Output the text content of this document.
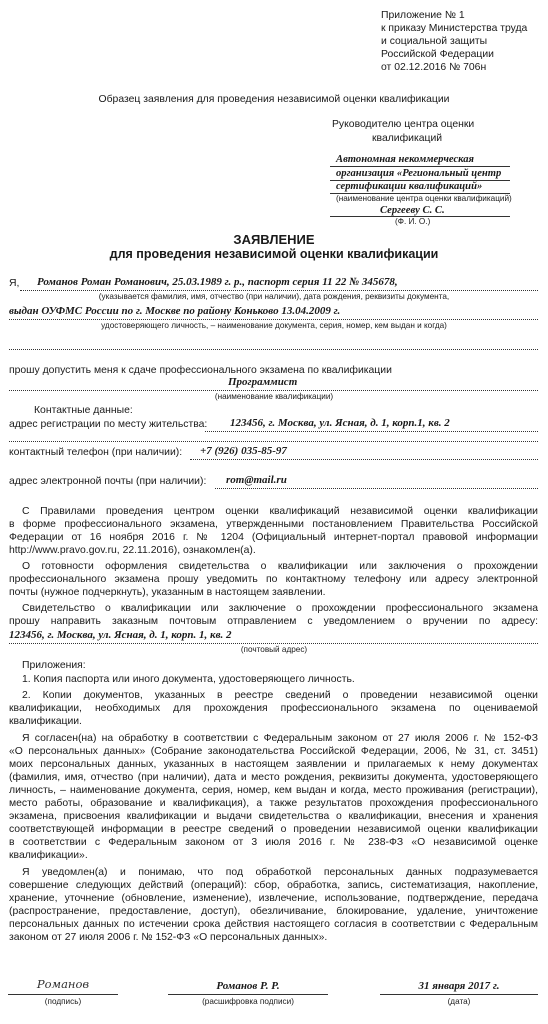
Приложение № 1
к приказу Министерства труда
и социальной защиты
Российской Федерации
от 02.12.2016 № 706н
Образец заявления для проведения независимой оценки квалификации
Руководителю центра оценки
квалификаций
Автономная некоммерческая
организация «Региональный центр
сертификации квалификаций»
(наименование центра оценки квалификаций)
Сергееву С. С.
(Ф. И. О.)
ЗАЯВЛЕНИЕ
для проведения независимой оценки квалификации
Я, Романов Роман Романович, 25.03.1989 г. р., паспорт серия 11 22 № 345678,
(указывается фамилия, имя, отчество (при наличии), дата рождения, реквизиты документа,
выдан ОУФМС России по г. Москве по району Коньково 13.04.2009 г.
удостоверяющего личность, – наименование документа, серия, номер, кем выдан и когда)
прошу допустить меня к сдаче профессионального экзамена по квалификации
Программист
(наименование квалификации)
Контактные данные:
адрес регистрации по месту жительства: 123456, г. Москва, ул. Ясная, д. 1, корп.1, кв. 2
контактный телефон (при наличии): +7 (926) 035-85-97
адрес электронной почты (при наличии): rom@mail.ru
С Правилами проведения центром оценки квалификаций независимой оценки квалификации
в форме профессионального экзамена, утвержденными постановлением Правительства Российской
Федерации от 16 ноября 2016 г. № 1204 (Официальный интернет-портал правовой информации
http://www.pravo.gov.ru, 22.11.2016), ознакомлен(а).
О готовности оформления свидетельства о квалификации или заключения о прохождении
профессионального экзамена прошу уведомить по контактному телефону или адресу электронной
почты (нужное подчеркнуть), указанным в настоящем заявлении.
Свидетельство о квалификации или заключение о прохождении профессионального экзамена
прошу направить заказным почтовым отправлением с уведомлением о вручении по адресу:
123456, г. Москва, ул. Ясная, д. 1, корп. 1, кв. 2
(почтовый адрес)
Приложения:
1. Копия паспорта или иного документа, удостоверяющего личность.
2. Копии документов, указанных в реестре сведений о проведении независимой оценки
квалификации, необходимых для прохождения профессионального экзамена по оцениваемой
квалификации.
Я согласен(на) на обработку в соответствии с Федеральным законом от 27 июля 2006 г. № 152-ФЗ
«О персональных данных» (Собрание законодательства Российской Федерации, 2006, № 31, ст. 3451)
моих персональных данных, указанных в настоящем заявлении и прилагаемых к нему документах
(фамилия, имя, отчество (при наличии), дата и место рождения, реквизиты документа, удостоверяющего
личность, – наименование документа, серия, номер, кем выдан и когда, место проживания (регистрации),
место работы, образование и квалификация), а также результатов прохождения профессионального
экзамена, присвоения квалификации и выдачи свидетельства о квалификации, внесения и хранения
соответствующей информации в реестре сведений о проведении независимой оценки квалификации
в соответствии с Федеральным законом от 3 июля 2016 г. № 238-ФЗ «О независимой оценке
квалификации».
Я уведомлен(а) и понимаю, что под обработкой персональных данных подразумевается
совершение следующих действий (операций): сбор, обработка, запись, систематизация, накопление,
хранение, уточнение (обновление, изменение), извлечение, использование, подтверждение, передача
(распространение, предоставление, доступ), обезличивание, блокирование, удаление, уничтожение
персональных данных по истечении срока действия настоящего согласия в соответствии с Федеральным
законом от 27 июля 2006 г. № 152-ФЗ «О персональных данных».
Романов
(подпись)
Романов Р. Р.
(расшифровка подписи)
31 января 2017 г.
(дата)
